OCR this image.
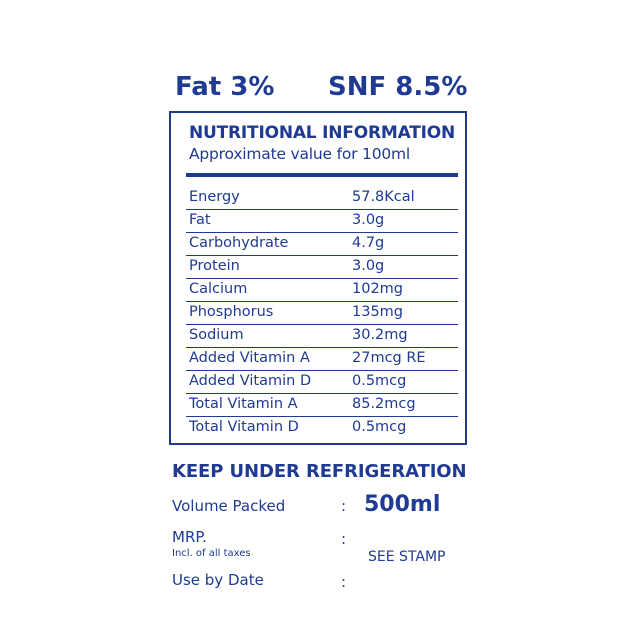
Fat 3% SNF 8.5%
NUTRITIONAL INFORMATION
Approximate value for 100ml
Energy	57.8Kcal
Fat	3.0g
Carbohydrate	4.7g
Protein	3.0g
Calcium	102mg
Phosphorus	135mg
Sodium	30.2mg
Added Vitamin A	27mcg RE
Added Vitamin D	0.5mcg
Total Vitamin A	85.2mcg
Total Vitamin D	0.5mcg
KEEP UNDER REFRIGERATION
Volume Packed	: 500ml
MRP.	:
Incl. of all taxes	SEE STAMP
Use by Date	:
